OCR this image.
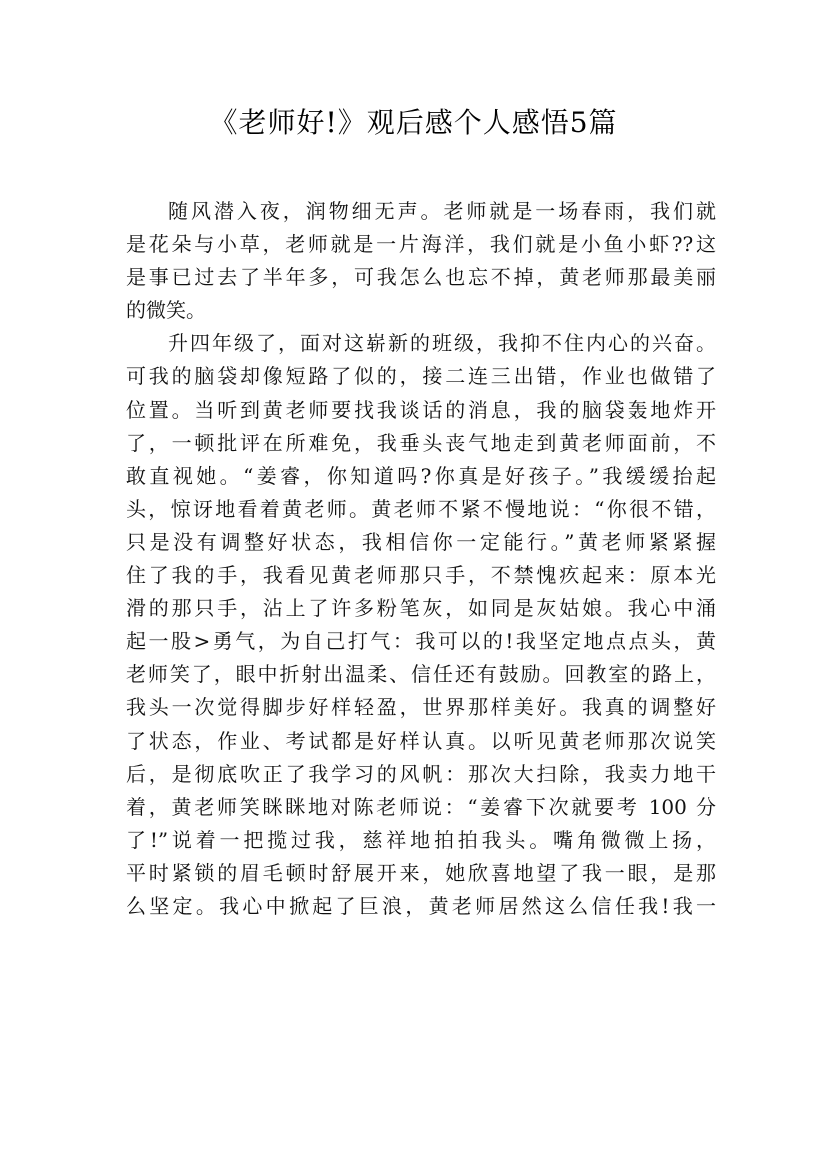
《老师好!》观后感个人感悟5篇
随风潜入夜，润物细无声。老师就是一场春雨，我们就
是花朵与小草，老师就是一片海洋，我们就是小鱼小虾??这
是事已过去了半年多，可我怎么也忘不掉，黄老师那最美丽
的微笑。
升四年级了，面对这崭新的班级，我抑不住内心的兴奋。
可我的脑袋却像短路了似的，接二连三出错，作业也做错了
位置。当听到黄老师要找我谈话的消息，我的脑袋轰地炸开
了，一顿批评在所难免，我垂头丧气地走到黄老师面前，不
敢直视她。“姜睿，你知道吗?你真是好孩子。”我缓缓抬起
头，惊讶地看着黄老师。黄老师不紧不慢地说：“你很不错，
只是没有调整好状态，我相信你一定能行。”黄老师紧紧握
住了我的手，我看见黄老师那只手，不禁愧疚起来：原本光
滑的那只手，沾上了许多粉笔灰，如同是灰姑娘。我心中涌
起一股>勇气，为自己打气：我可以的!我坚定地点点头，黄
老师笑了，眼中折射出温柔、信任还有鼓励。回教室的路上，
我头一次觉得脚步好样轻盈，世界那样美好。我真的调整好
了状态，作业、考试都是好样认真。以听见黄老师那次说笑
后，是彻底吹正了我学习的风帆：那次大扫除，我卖力地干
着，黄老师笑眯眯地对陈老师说：“姜睿下次就要考 100 分
了!”说着一把揽过我，慈祥地拍拍我头。嘴角微微上扬，
平时紧锁的眉毛顿时舒展开来，她欣喜地望了我一眼，是那
么坚定。我心中掀起了巨浪，黄老师居然这么信任我!我一
